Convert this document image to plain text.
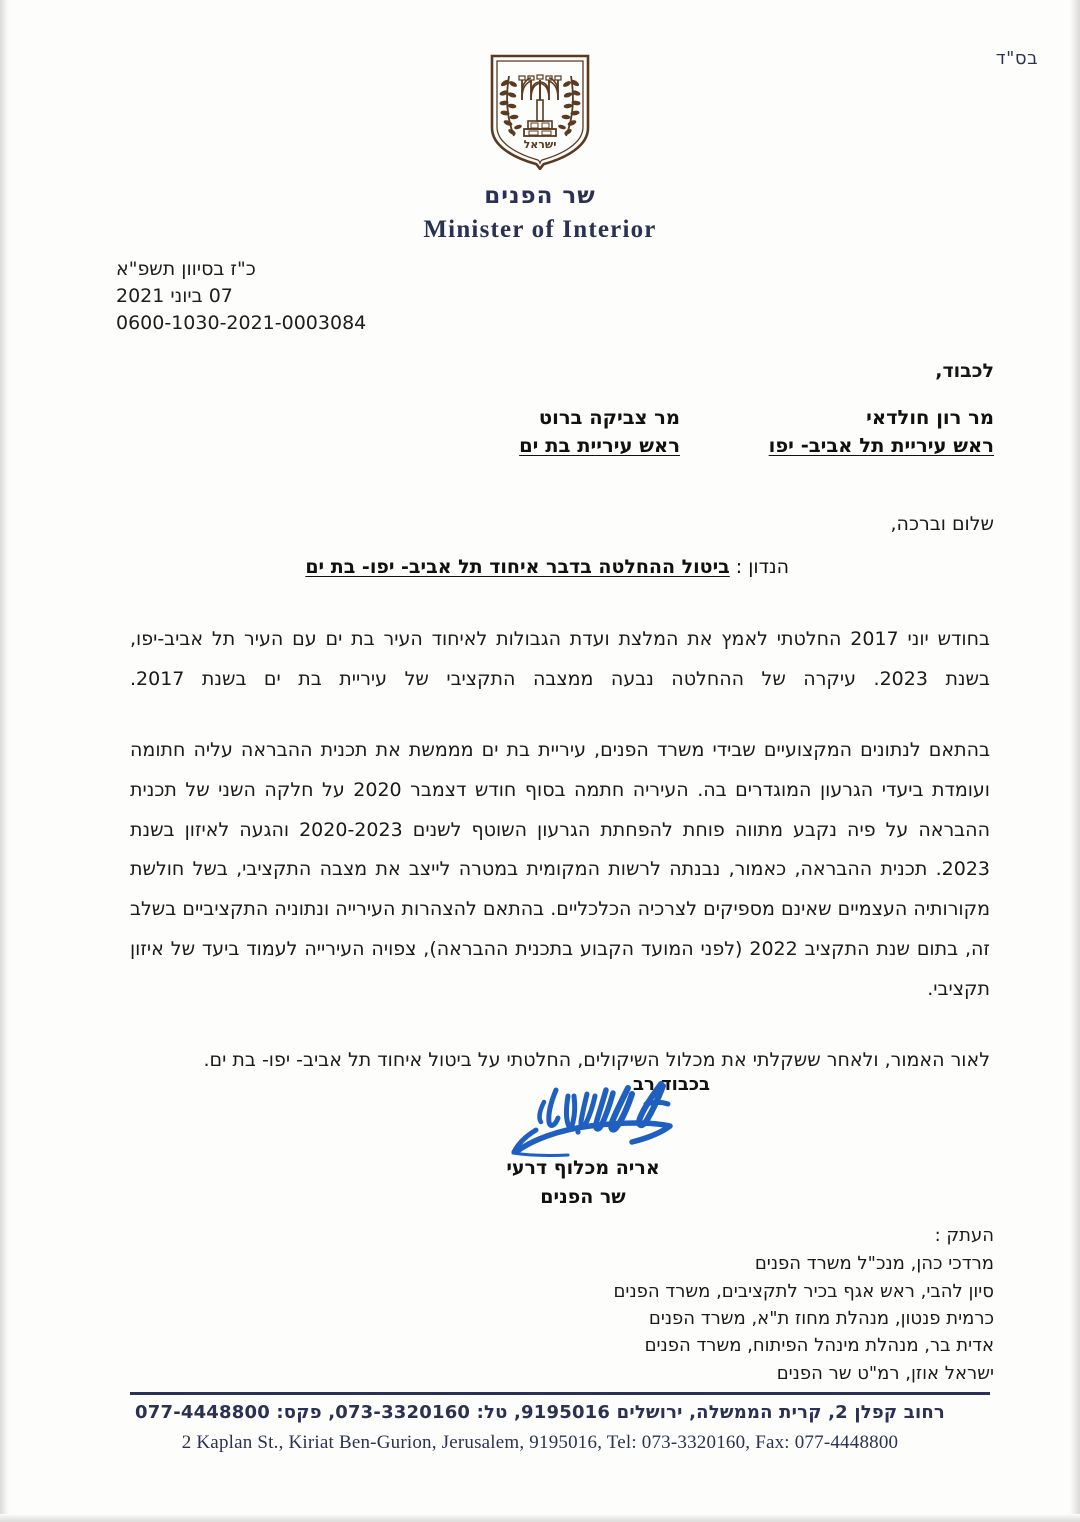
בס"ד
ישראל
שר הפנים
Minister of Interior
כ"ז בסיוון תשפ"א
07 ביוני 2021
0600-1030-2021-0003084
לכבוד,
מר רון חולדאי
ראש עיריית תל אביב- יפו
מר צביקה ברוט
ראש עיריית בת ים
שלום וברכה,
הנדון : ביטול ההחלטה בדבר איחוד תל אביב- יפו- בת ים

בחודש יוני 2017 החלטתי לאמץ את המלצת ועדת הגבולות לאיחוד העיר בת ים עם העיר תל אביב-יפו, בשנת 2023. עיקרה של ההחלטה נבעה ממצבה התקציבי של עיריית בת ים בשנת 2017.

בהתאם לנתונים המקצועיים שבידי משרד הפנים, עיריית בת ים מממשת את תכנית ההבראה עליה חתומה ועומדת ביעדי הגרעון המוגדרים בה. העיריה חתמה בסוף חודש דצמבר 2020 על חלקה השני של תכנית ההבראה על פיה נקבע מתווה פוחת להפחתת הגרעון השוטף לשנים 2020-2023 והגעה לאיזון בשנת 2023. תכנית ההבראה, כאמור, נבנתה לרשות המקומית במטרה לייצב את מצבה התקציבי, בשל חולשת מקורותיה העצמיים שאינם מספיקים לצרכיה הכלכליים. בהתאם להצהרות העירייה ונתוניה התקציביים בשלב זה, בתום שנת התקציב 2022 (לפני המועד הקבוע בתכנית ההבראה), צפויה העירייה לעמוד ביעד של איזון תקציבי.

לאור האמור, ולאחר ששקלתי את מכלול השיקולים, החלטתי על ביטול איחוד תל אביב- יפו- בת ים.

בכבוד רב
אריה מכלוף דרעי
שר הפנים
העתק :
מרדכי כהן, מנכ"ל משרד הפנים
סיון להבי, ראש אגף בכיר לתקציבים, משרד הפנים
כרמית פנטון, מנהלת מחוז ת"א, משרד הפנים
אדית בר, מנהלת מינהל הפיתוח, משרד הפנים
ישראל אוזן, רמ"ט שר הפנים
רחוב קפלן 2, קרית הממשלה, ירושלים 9195016, טל: 073-3320160, פקס: 077-4448800
2 Kaplan St., Kiriat Ben-Gurion, Jerusalem, 9195016, Tel: 073-3320160, Fax: 077-4448800
